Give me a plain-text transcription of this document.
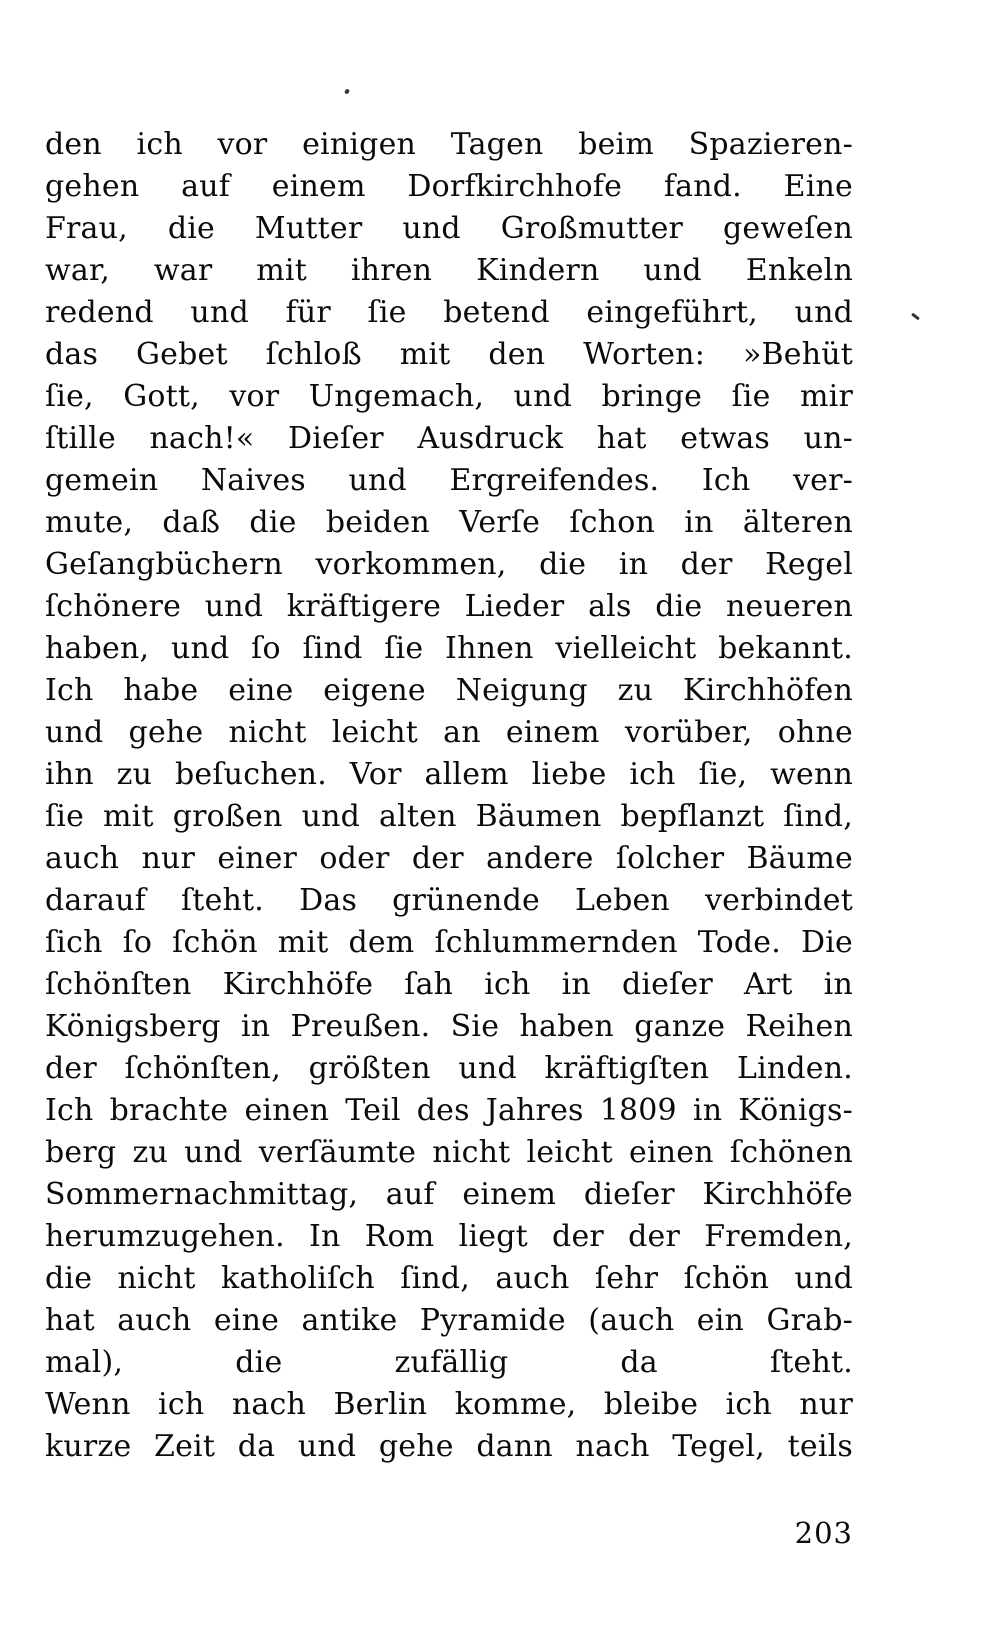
den ich vor einigen Tagen beim Spazieren-
gehen auf einem Dorfkirchhofe fand. Eine
Frau, die Mutter und Großmutter geweſen
war, war mit ihren Kindern und Enkeln
redend und für ſie betend eingeführt, und
das Gebet ſchloß mit den Worten: »Behüt
ſie, Gott, vor Ungemach, und bringe ſie mir
ſtille nach!« Dieſer Ausdruck hat etwas un-
gemein Naives und Ergreifendes. Ich ver-
mute, daß die beiden Verſe ſchon in älteren
Geſangbüchern vorkommen, die in der Regel
ſchönere und kräftigere Lieder als die neueren
haben, und ſo ſind ſie Ihnen vielleicht bekannt.
Ich habe eine eigene Neigung zu Kirchhöfen
und gehe nicht leicht an einem vorüber, ohne
ihn zu beſuchen. Vor allem liebe ich ſie, wenn
ſie mit großen und alten Bäumen bepflanzt ſind,
auch nur einer oder der andere ſolcher Bäume
darauf ſteht. Das grünende Leben verbindet
ſich ſo ſchön mit dem ſchlummernden Tode. Die
ſchönſten Kirchhöfe ſah ich in dieſer Art in
Königsberg in Preußen. Sie haben ganze Reihen
der ſchönſten, größten und kräftigſten Linden.
Ich brachte einen Teil des Jahres 1809 in Königs-
berg zu und verſäumte nicht leicht einen ſchönen
Sommernachmittag, auf einem dieſer Kirchhöfe
herumzugehen. In Rom liegt der der Fremden,
die nicht katholiſch ſind, auch ſehr ſchön und
hat auch eine antike Pyramide (auch ein Grab-
mal), die zufällig da ſteht.
Wenn ich nach Berlin komme, bleibe ich nur
kurze Zeit da und gehe dann nach Tegel, teils
203
